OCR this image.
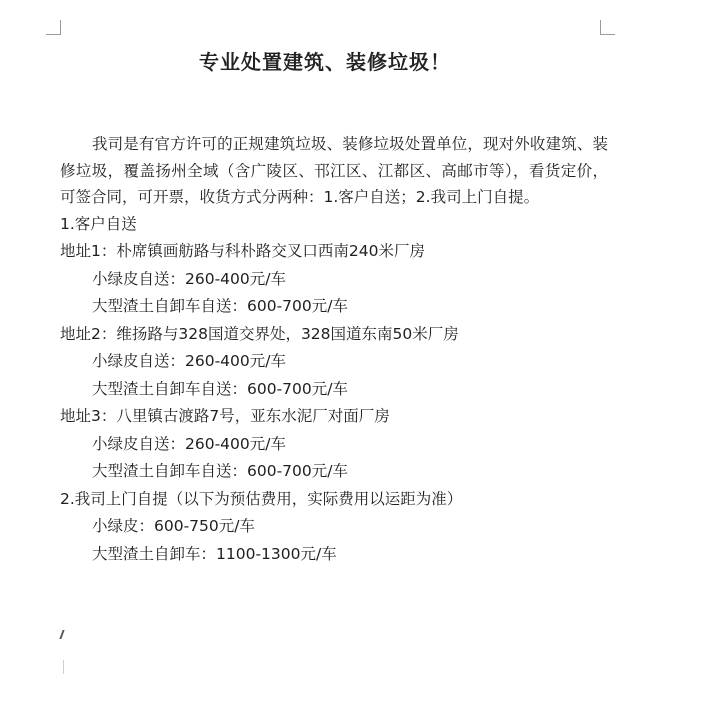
专业处置建筑、装修垃圾！

我司是有官方许可的正规建筑垃圾、装修垃圾处置单位，现对外收建筑、装修垃圾，覆盖扬州全域（含广陵区、邗江区、江都区、高邮市等），看货定价，可签合同，可开票，收货方式分两种：1.客户自送；2.我司上门自提。

1.客户自送

地址1：朴席镇画舫路与科朴路交叉口西南240米厂房

小绿皮自送：260-400元/车

大型渣土自卸车自送：600-700元/车

地址2：维扬路与328国道交界处，328国道东南50米厂房

小绿皮自送：260-400元/车

大型渣土自卸车自送：600-700元/车

地址3：八里镇古渡路7号，亚东水泥厂对面厂房

小绿皮自送：260-400元/车

大型渣土自卸车自送：600-700元/车

2.我司上门自提（以下为预估费用，实际费用以运距为准）

小绿皮：600-750元/车

大型渣土自卸车：1100-1300元/车
